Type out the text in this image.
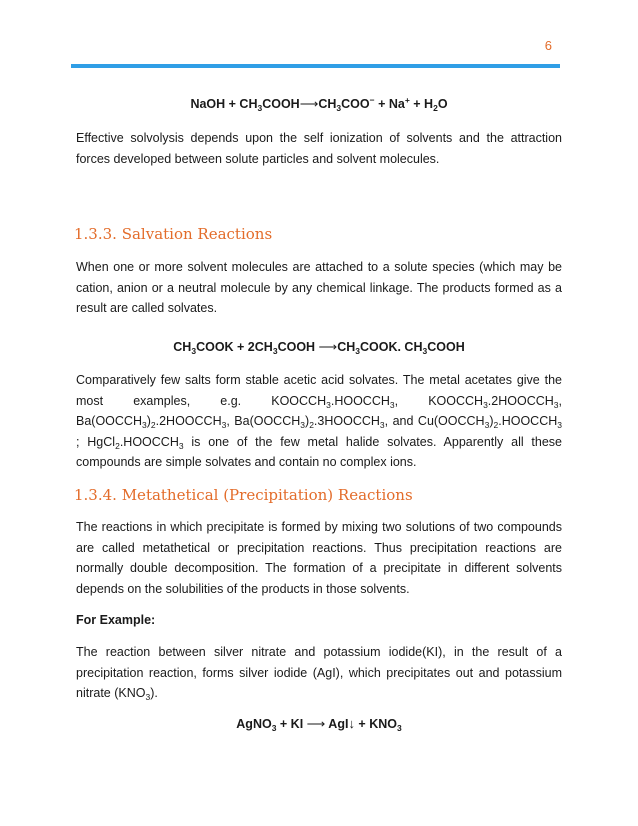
6
NaOH + $CH_3COOH⟶CH_3COO^- + Na^+ + H_2O$

Effective solvolysis depends upon the self ionization of solvents and the attraction forces developed between solute particles and solvent molecules.

1.3.3. Salvation Reactions

When one or more solvent molecules are attached to a solute species (which may be cation, anion or a neutral molecule by any chemical linkage. The products formed as a result are called solvates.

$CH_3COOK$ + $2CH_3COOH$ $⟶CH_3COOK$. $CH_3COOH$

Comparatively few salts form stable acetic acid solvates. The metal acetates give the most examples, e.g. $KOOCCH_3.HOOCCH_3$, $KOOCCH_3.2HOOCCH_3$, $Ba(OOCCH_3)_2.2HOOCCH_3$, $Ba(OOCCH_3)_2.3HOOCCH_3$, and $Cu(OOCCH_3)_2.HOOCCH_3$ ; $HgCl_2.HOOCCH_3$ is one of the few metal halide solvates. Apparently all these compounds are simple solvates and contain no complex ions.

1.3.4. Metathetical (Precipitation) Reactions

The reactions in which precipitate is formed by mixing two solutions of two compounds are called metathetical or precipitation reactions. Thus precipitation reactions are normally double decomposition. The formation of a precipitate in different solvents depends on the solubilities of the products in those solvents.

For Example:

The reaction between silver nitrate and potassium iodide(KI), in the result of a precipitation reaction, forms silver iodide (AgI), which precipitates out and potassium nitrate $(KNO_3)$.

AgNO$_3$ + KI ⟶ AgI↓ + $KNO_3$
